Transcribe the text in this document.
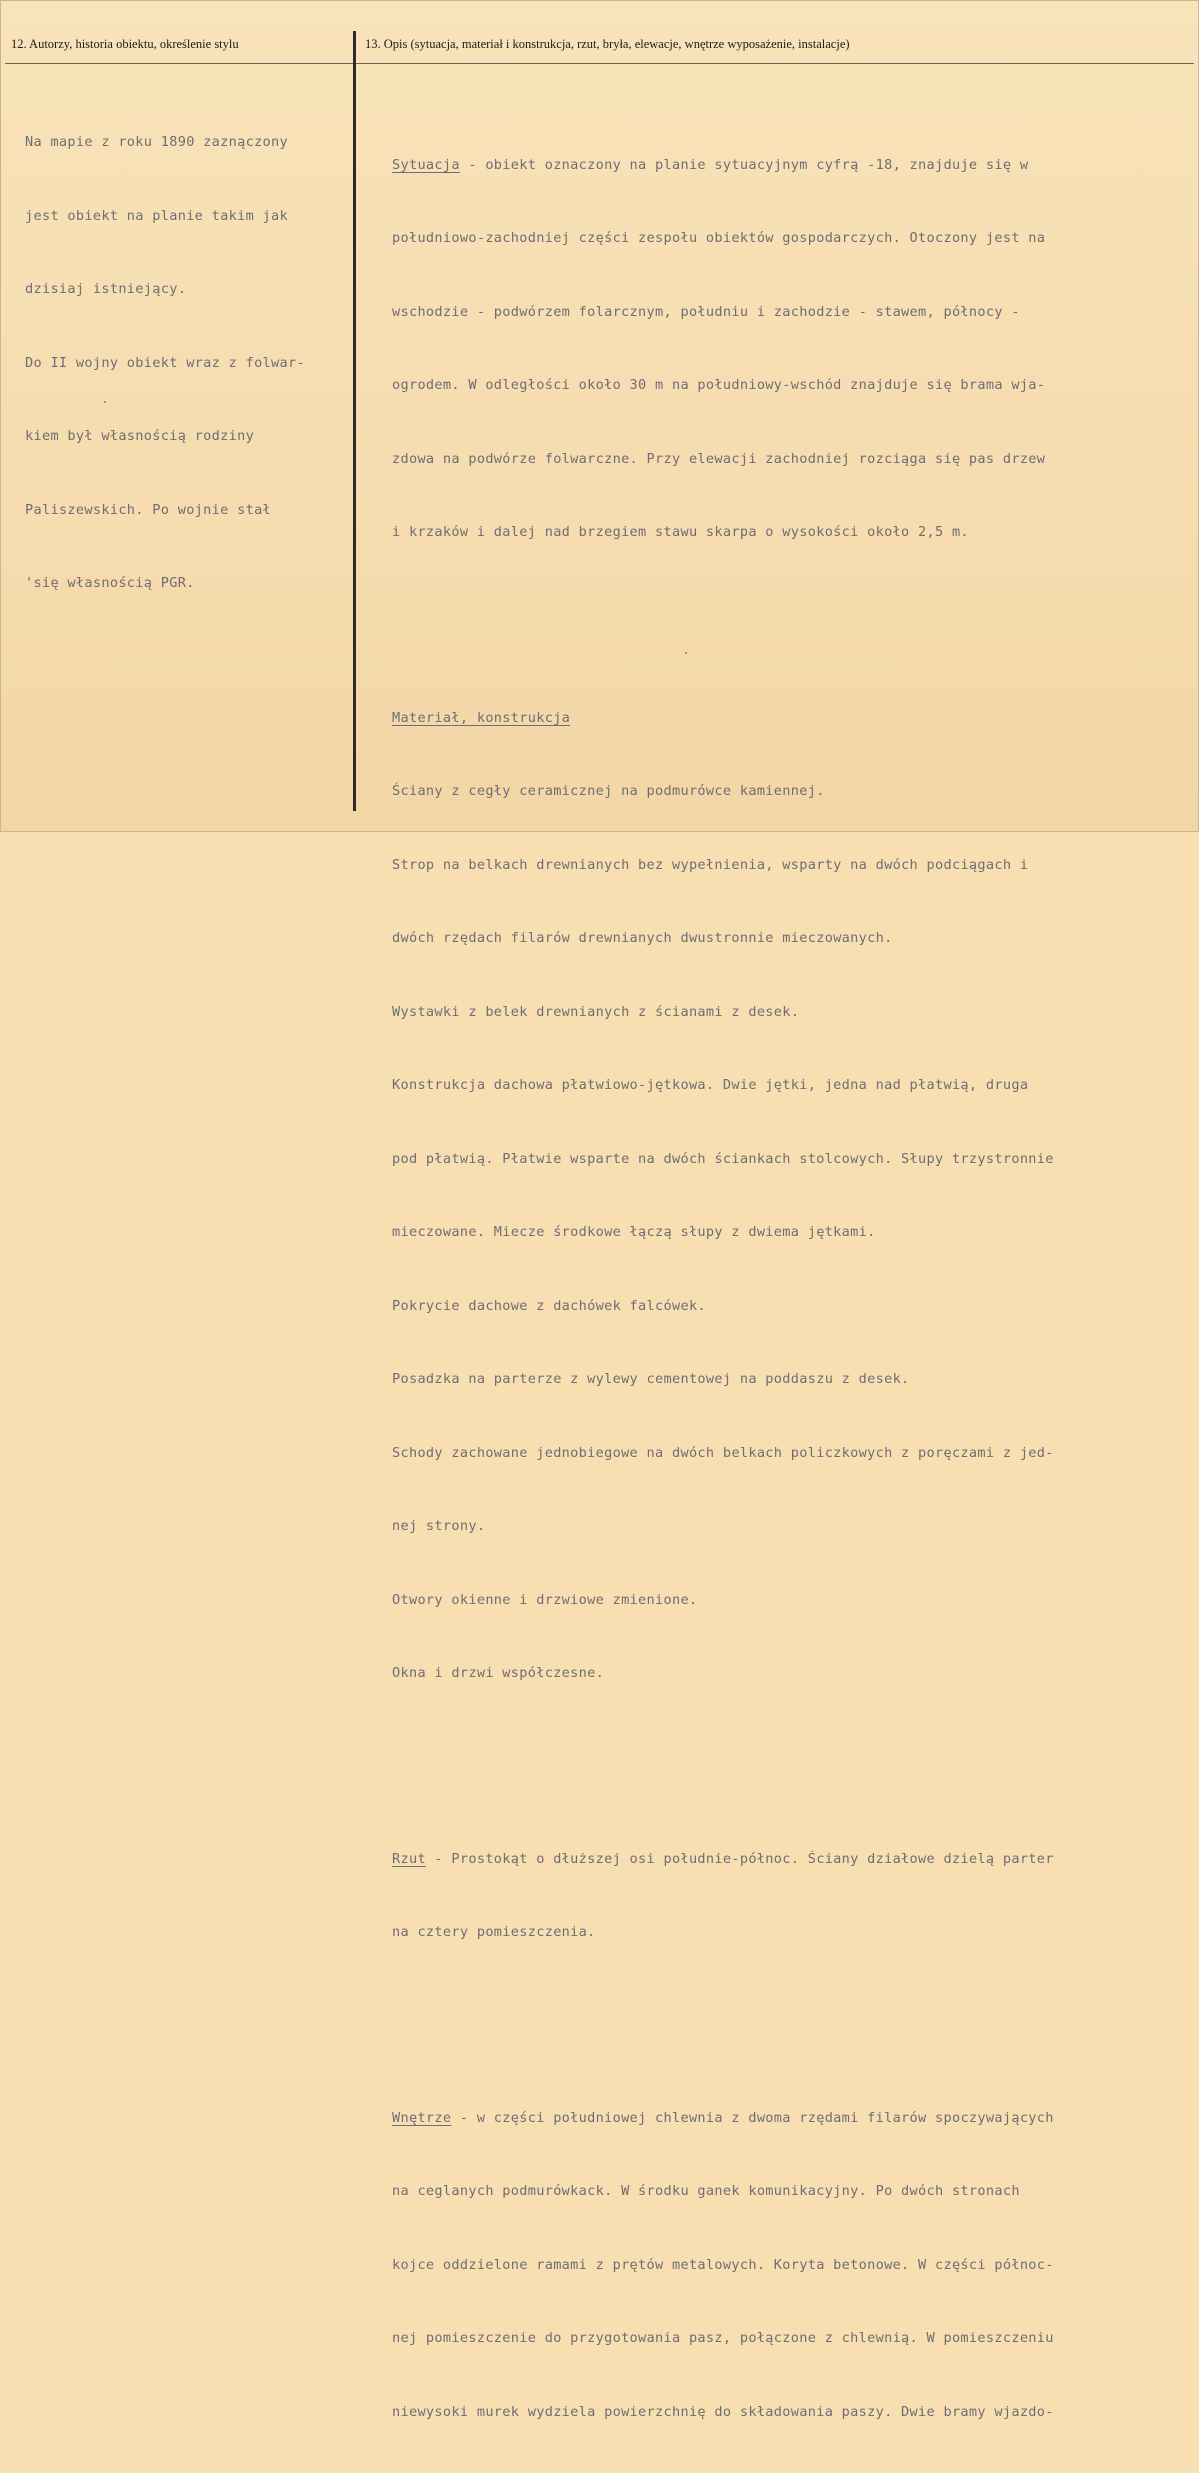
12. Autorzy, historia obiektu, określenie stylu	13. Opis (sytuacja, materiał i konstrukcja, rzut, bryła, elewacje, wnętrze wyposażenie, instalacje)

Na mapie z roku 1890 zaznączony

jest obiekt na planie takim jak

dzisiaj istniejący.

Do II wojny obiekt wraz z folwar-

kiem był własnością rodziny

Paliszewskich. Po wojnie stał

'się własnością PGR.

Sytuacja - obiekt oznaczony na planie sytuacyjnym cyfrą -18, znajduje się w

południowo-zachodniej części zespołu obiektów gospodarczych. Otoczony jest na

wschodzie - podwórzem folarcznym, południu i zachodzie - stawem, północy -

ogrodem. W odległości około 30 m na południowy-wschód znajduje się brama wja-

zdowa na podwórze folwarczne. Przy elewacji zachodniej rozciąga się pas drzew

i krzaków i dalej nad brzegiem stawu skarpa o wysokości około 2,5 m.

Materiał, konstrukcja

Ściany z cegły ceramicznej na podmurówce kamiennej.

Strop na belkach drewnianych bez wypełnienia, wsparty na dwóch podciągach i

dwóch rzędach filarów drewnianych dwustronnie mieczowanych.

Wystawki z belek drewnianych z ścianami z desek.

Konstrukcja dachowa płatwiowo-jętkowa. Dwie jętki, jedna nad płatwią, druga

pod płatwią. Płatwie wsparte na dwóch ściankach stolcowych. Słupy trzystronnie

mieczowane. Miecze środkowe łączą słupy z dwiema jętkami.

Pokrycie dachowe z dachówek falcówek.

Posadzka na parterze z wylewy cementowej na poddaszu z desek.

Schody zachowane jednobiegowe na dwóch belkach policzkowych z poręczami z jed-

nej strony.

Otwory okienne i drzwiowe zmienione.

Okna i drzwi współczesne.

Rzut - Prostokąt o dłuższej osi południe-północ. Ściany działowe dzielą parter

na cztery pomieszczenia.

Wnętrze - w części południowej chlewnia z dwoma rzędami filarów spoczywających

na ceglanych podmurówkack. W środku ganek komunikacyjny. Po dwóch stronach

kojce oddzielone ramami z prętów metalowych. Koryta betonowe. W części północ-

nej pomieszczenie do przygotowania pasz, połączone z chlewnią. W pomieszczeniu

niewysoki murek wydziela powierzchnię do składowania paszy. Dwie bramy wjazdo-
